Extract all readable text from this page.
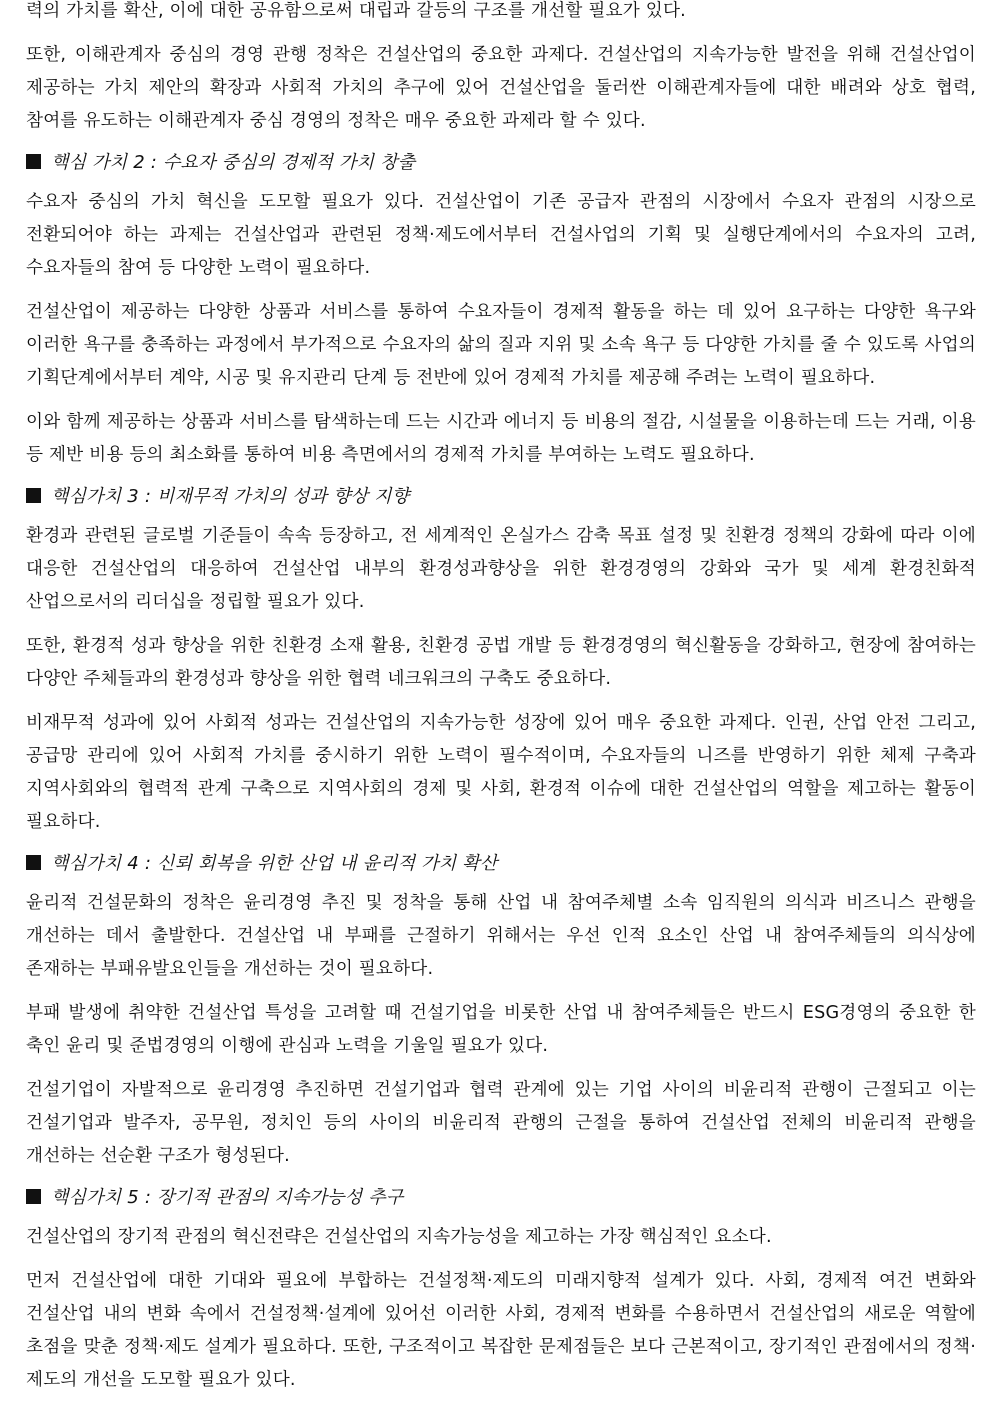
력의 가치를 확산, 이에 대한 공유함으로써 대립과 갈등의 구조를 개선할 필요가 있다.

또한, 이해관계자 중심의 경영 관행 정착은 건설산업의 중요한 과제다. 건설산업의 지속가능한 발전을 위해 건설산업이 제공하는 가치 제안의 확장과 사회적 가치의 추구에 있어 건설산업을 둘러싼 이해관계자들에 대한 배려와 상호 협력, 참여를 유도하는 이해관계자 중심 경영의 정착은 매우 중요한 과제라 할 수 있다.

핵심 가치 2 : 수요자 중심의 경제적 가치 창출

수요자 중심의 가치 혁신을 도모할 필요가 있다. 건설산업이 기존 공급자 관점의 시장에서 수요자 관점의 시장으로 전환되어야 하는 과제는 건설산업과 관련된 정책·제도에서부터 건설사업의 기획 및 실행단계에서의 수요자의 고려, 수요자들의 참여 등 다양한 노력이 필요하다.

건설산업이 제공하는 다양한 상품과 서비스를 통하여 수요자들이 경제적 활동을 하는 데 있어 요구하는 다양한 욕구와 이러한 욕구를 충족하는 과정에서 부가적으로 수요자의 삶의 질과 지위 및 소속 욕구 등 다양한 가치를 줄 수 있도록 사업의 기획단계에서부터 계약, 시공 및 유지관리 단계 등 전반에 있어 경제적 가치를 제공해 주려는 노력이 필요하다.

이와 함께 제공하는 상품과 서비스를 탐색하는데 드는 시간과 에너지 등 비용의 절감, 시설물을 이용하는데 드는 거래, 이용 등 제반 비용 등의 최소화를 통하여 비용 측면에서의 경제적 가치를 부여하는 노력도 필요하다.

핵심가치 3 : 비재무적 가치의 성과 향상 지향

환경과 관련된 글로벌 기준들이 속속 등장하고, 전 세계적인 온실가스 감축 목표 설정 및 친환경 정책의 강화에 따라 이에 대응한 건설산업의 대응하여 건설산업 내부의 환경성과향상을 위한 환경경영의 강화와 국가 및 세계 환경친화적 산업으로서의 리더십을 정립할 필요가 있다.

또한, 환경적 성과 향상을 위한 친환경 소재 활용, 친환경 공법 개발 등 환경경영의 혁신활동을 강화하고, 현장에 참여하는 다양안 주체들과의 환경성과 향상을 위한 협력 네크워크의 구축도 중요하다.

비재무적 성과에 있어 사회적 성과는 건설산업의 지속가능한 성장에 있어 매우 중요한 과제다. 인권, 산업 안전 그리고, 공급망 관리에 있어 사회적 가치를 중시하기 위한 노력이 필수적이며, 수요자들의 니즈를 반영하기 위한 체제 구축과 지역사회와의 협력적 관계 구축으로 지역사회의 경제 및 사회, 환경적 이슈에 대한 건설산업의 역할을 제고하는 활동이 필요하다.

핵심가치 4 : 신뢰 회복을 위한 산업 내 윤리적 가치 확산

윤리적 건설문화의 정착은 윤리경영 추진 및 정착을 통해 산업 내 참여주체별 소속 임직원의 의식과 비즈니스 관행을 개선하는 데서 출발한다. 건설산업 내 부패를 근절하기 위해서는 우선 인적 요소인 산업 내 참여주체들의 의식상에 존재하는 부패유발요인들을 개선하는 것이 필요하다.

부패 발생에 취약한 건설산업 특성을 고려할 때 건설기업을 비롯한 산업 내 참여주체들은 반드시 ESG경영의 중요한 한 축인 윤리 및 준법경영의 이행에 관심과 노력을 기울일 필요가 있다.

건설기업이 자발적으로 윤리경영 추진하면 건설기업과 협력 관계에 있는 기업 사이의 비윤리적 관행이 근절되고 이는 건설기업과 발주자, 공무원, 정치인 등의 사이의 비윤리적 관행의 근절을 통하여 건설산업 전체의 비윤리적 관행을 개선하는 선순환 구조가 형성된다.

핵심가치 5 : 장기적 관점의 지속가능성 추구

건설산업의 장기적 관점의 혁신전략은 건설산업의 지속가능성을 제고하는 가장 핵심적인 요소다.

먼저 건설산업에 대한 기대와 필요에 부합하는 건설정책·제도의 미래지향적 설계가 있다. 사회, 경제적 여건 변화와 건설산업 내의 변화 속에서 건설정책·설계에 있어선 이러한 사회, 경제적 변화를 수용하면서 건설산업의 새로운 역할에 초점을 맞춘 정책·제도 설계가 필요하다. 또한, 구조적이고 복잡한 문제점들은 보다 근본적이고, 장기적인 관점에서의 정책·제도의 개선을 도모할 필요가 있다.
